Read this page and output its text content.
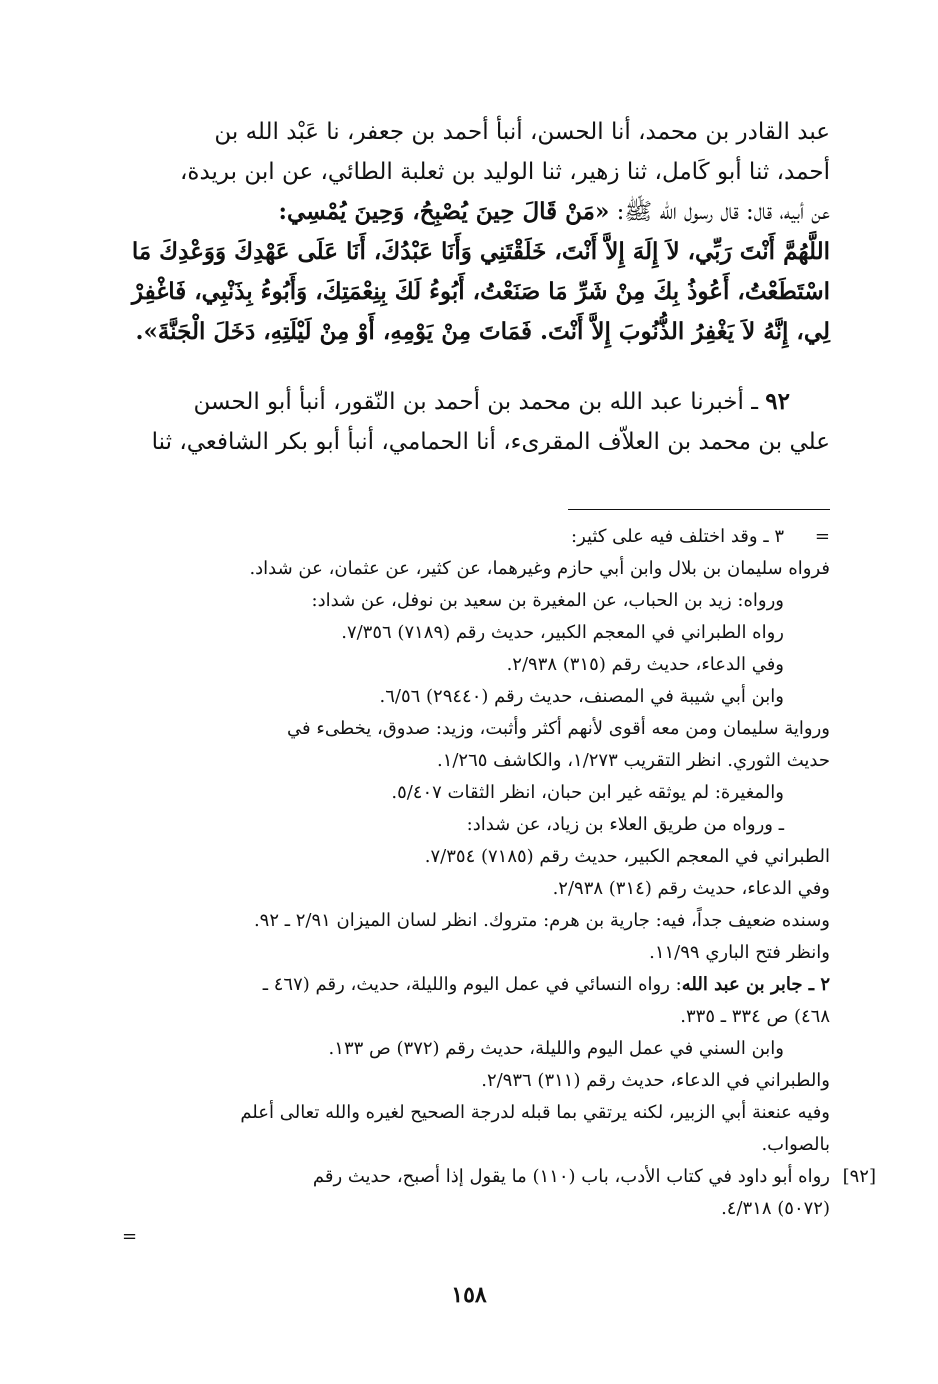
عبد القادر بن محمد، أنا الحسن، أنبأ أحمد بن جعفر، نا عَبْد الله بن

أحمد، ثنا أبو كَامل، ثنا زهير، ثنا الوليد بن ثعلبة الطائي، عن ابن بريدة،

عن أبيه، قال: قال رسول الله ﷺ: «مَنْ قَالَ حِينَ يُصْبِحُ، وَحِينَ يُمْسِي:

اللَّهُمَّ أَنْتَ رَبِّي، لاَ إِلَهَ إِلاَّ أَنْتَ، خَلَقْتَنِي وَأَنَا عَبْدُكَ، أَنَا عَلَى عَهْدِكَ وَوَعْدِكَ مَا

اسْتَطَعْتُ، أَعُوذُ بِكَ مِنْ شَرِّ مَا صَنَعْتُ، أَبُوءُ لَكَ بِنِعْمَتِكَ، وَأَبُوءُ بِذَنْبِي، فَاغْفِرْ

لِي، إِنَّهُ لاَ يَغْفِرُ الذُّنُوبَ إِلاَّ أَنْتَ. فَمَاتَ مِنْ يَوْمِهِ، أَوْ مِنْ لَيْلَتِهِ، دَخَلَ الْجَنَّةَ».

٩٢ ـ أخبرنا عبد الله بن محمد بن أحمد بن النّقور، أنبأ أبو الحسن

علي بن محمد بن العلاّف المقرىء، أنا الحمامي، أنبأ أبو بكر الشافعي، ثنا

٣ ـ وقد اختلف فيه على كثير:

فرواه سليمان بن بلال وابن أبي حازم وغيرهما، عن كثير، عن عثمان، عن شداد.

ورواه: زيد بن الحباب، عن المغيرة بن سعيد بن نوفل، عن شداد:

رواه الطبراني في المعجم الكبير، حديث رقم (٧١٨٩) ٧/٣٥٦.

وفي الدعاء، حديث رقم (٣١٥) ٢/٩٣٨.

وابن أبي شيبة في المصنف، حديث رقم (٢٩٤٤٠) ٦/٥٦.

ورواية سليمان ومن معه أقوى لأنهم أكثر وأثبت، وزيد: صدوق، يخطىء في

حديث الثوري. انظر التقريب ١/٢٧٣، والكاشف ١/٢٦٥.

والمغيرة: لم يوثقه غير ابن حبان، انظر الثقات ٥/٤٠٧.

ـ ورواه من طريق العلاء بن زياد، عن شداد:

الطبراني في المعجم الكبير، حديث رقم (٧١٨٥) ٧/٣٥٤.

وفي الدعاء، حديث رقم (٣١٤) ٢/٩٣٨.

وسنده ضعيف جداً، فيه: جارية بن هرم: متروك. انظر لسان الميزان ٢/٩١ ـ ٩٢.

وانظر فتح الباري ١١/٩٩.

٢ ـ جابر بن عبد الله: رواه النسائي في عمل اليوم والليلة، حديث، رقم (٤٦٧ ـ

٤٦٨) ص ٣٣٤ ـ ٣٣٥.

وابن السني في عمل اليوم والليلة، حديث رقم (٣٧٢) ص ١٣٣.

والطبراني في الدعاء، حديث رقم (٣١١) ٢/٩٣٦.

وفيه عنعنة أبي الزبير، لكنه يرتقي بما قبله لدرجة الصحيح لغيره والله تعالى أعلم

بالصواب.

[٩٢]

رواه أبو داود في كتاب الأدب، باب (١١٠) ما يقول إذا أصبح، حديث رقم

(٥٠٧٢) ٤/٣١٨.

=
=
١٥٨
